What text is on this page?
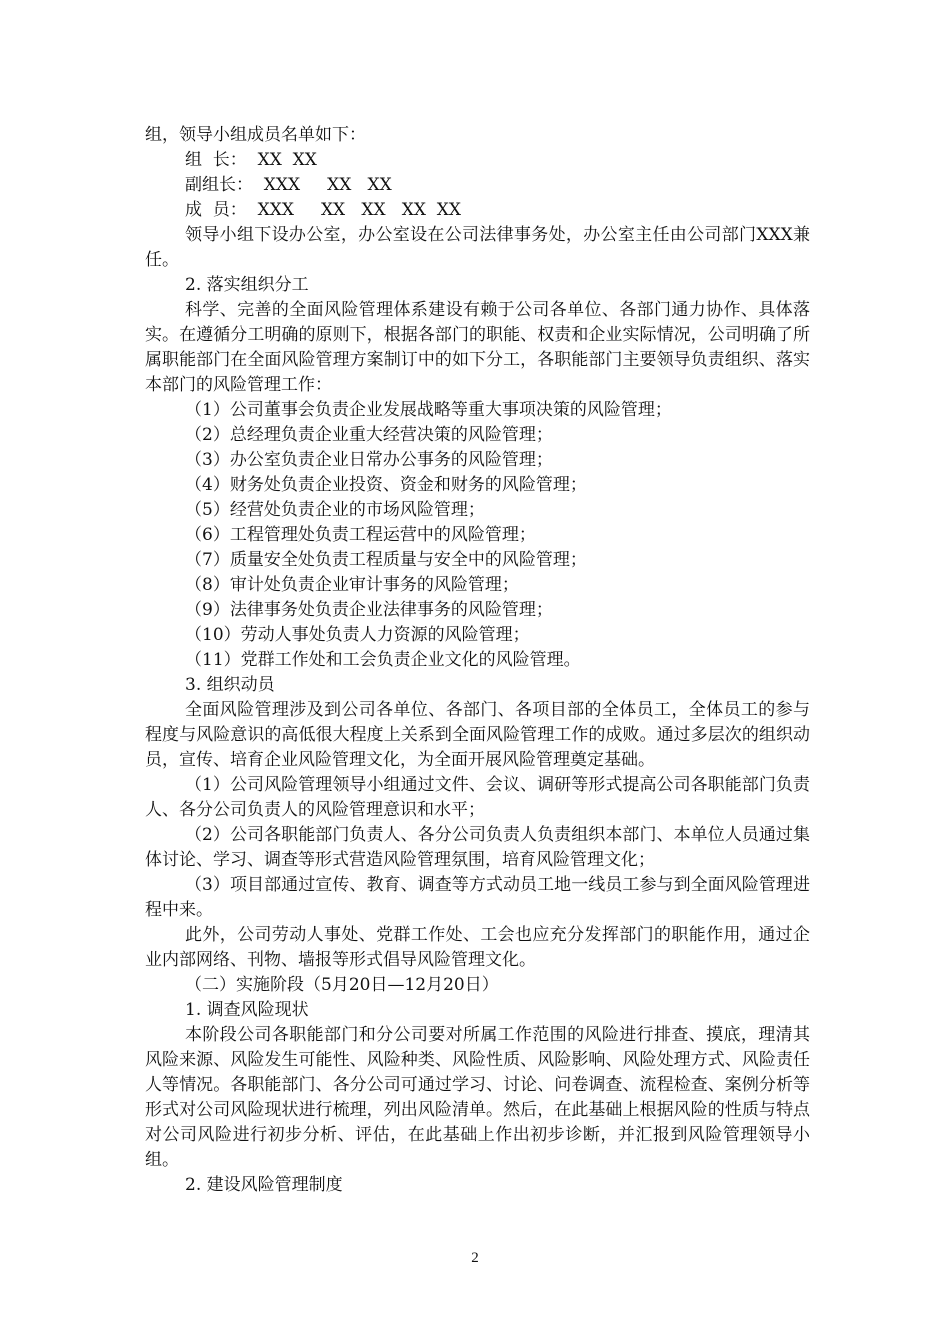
组，领导小组成员名单如下：
组  长：  XX  XX
副组长：  XXX     XX   XX
成  员：  XXX     XX   XX   XX  XX
领导小组下设办公室，办公室设在公司法律事务处，办公室主任由公司部门XXX兼任。
2. 落实组织分工
科学、完善的全面风险管理体系建设有赖于公司各单位、各部门通力协作、具体落实。在遵循分工明确的原则下，根据各部门的职能、权责和企业实际情况，公司明确了所属职能部门在全面风险管理方案制订中的如下分工，各职能部门主要领导负责组织、落实本部门的风险管理工作：
（1）公司董事会负责企业发展战略等重大事项决策的风险管理；
（2）总经理负责企业重大经营决策的风险管理；
（3）办公室负责企业日常办公事务的风险管理；
（4）财务处负责企业投资、资金和财务的风险管理；
（5）经营处负责企业的市场风险管理；
（6）工程管理处负责工程运营中的风险管理；
（7）质量安全处负责工程质量与安全中的风险管理；
（8）审计处负责企业审计事务的风险管理；
（9）法律事务处负责企业法律事务的风险管理；
（10）劳动人事处负责人力资源的风险管理；
（11）党群工作处和工会负责企业文化的风险管理。
3. 组织动员
全面风险管理涉及到公司各单位、各部门、各项目部的全体员工，全体员工的参与程度与风险意识的高低很大程度上关系到全面风险管理工作的成败。通过多层次的组织动员，宣传、培育企业风险管理文化，为全面开展风险管理奠定基础。
（1）公司风险管理领导小组通过文件、会议、调研等形式提高公司各职能部门负责人、各分公司负责人的风险管理意识和水平；
（2）公司各职能部门负责人、各分公司负责人负责组织本部门、本单位人员通过集体讨论、学习、调查等形式营造风险管理氛围，培育风险管理文化；
（3）项目部通过宣传、教育、调查等方式动员工地一线员工参与到全面风险管理进程中来。
此外，公司劳动人事处、党群工作处、工会也应充分发挥部门的职能作用，通过企业内部网络、刊物、墙报等形式倡导风险管理文化。
（二）实施阶段（5月20日—12月20日）
1. 调查风险现状
本阶段公司各职能部门和分公司要对所属工作范围的风险进行排查、摸底，理清其风险来源、风险发生可能性、风险种类、风险性质、风险影响、风险处理方式、风险责任人等情况。各职能部门、各分公司可通过学习、讨论、问卷调查、流程检查、案例分析等形式对公司风险现状进行梳理，列出风险清单。然后，在此基础上根据风险的性质与特点对公司风险进行初步分析、评估，在此基础上作出初步诊断，并汇报到风险管理领导小组。
2. 建设风险管理制度
2
